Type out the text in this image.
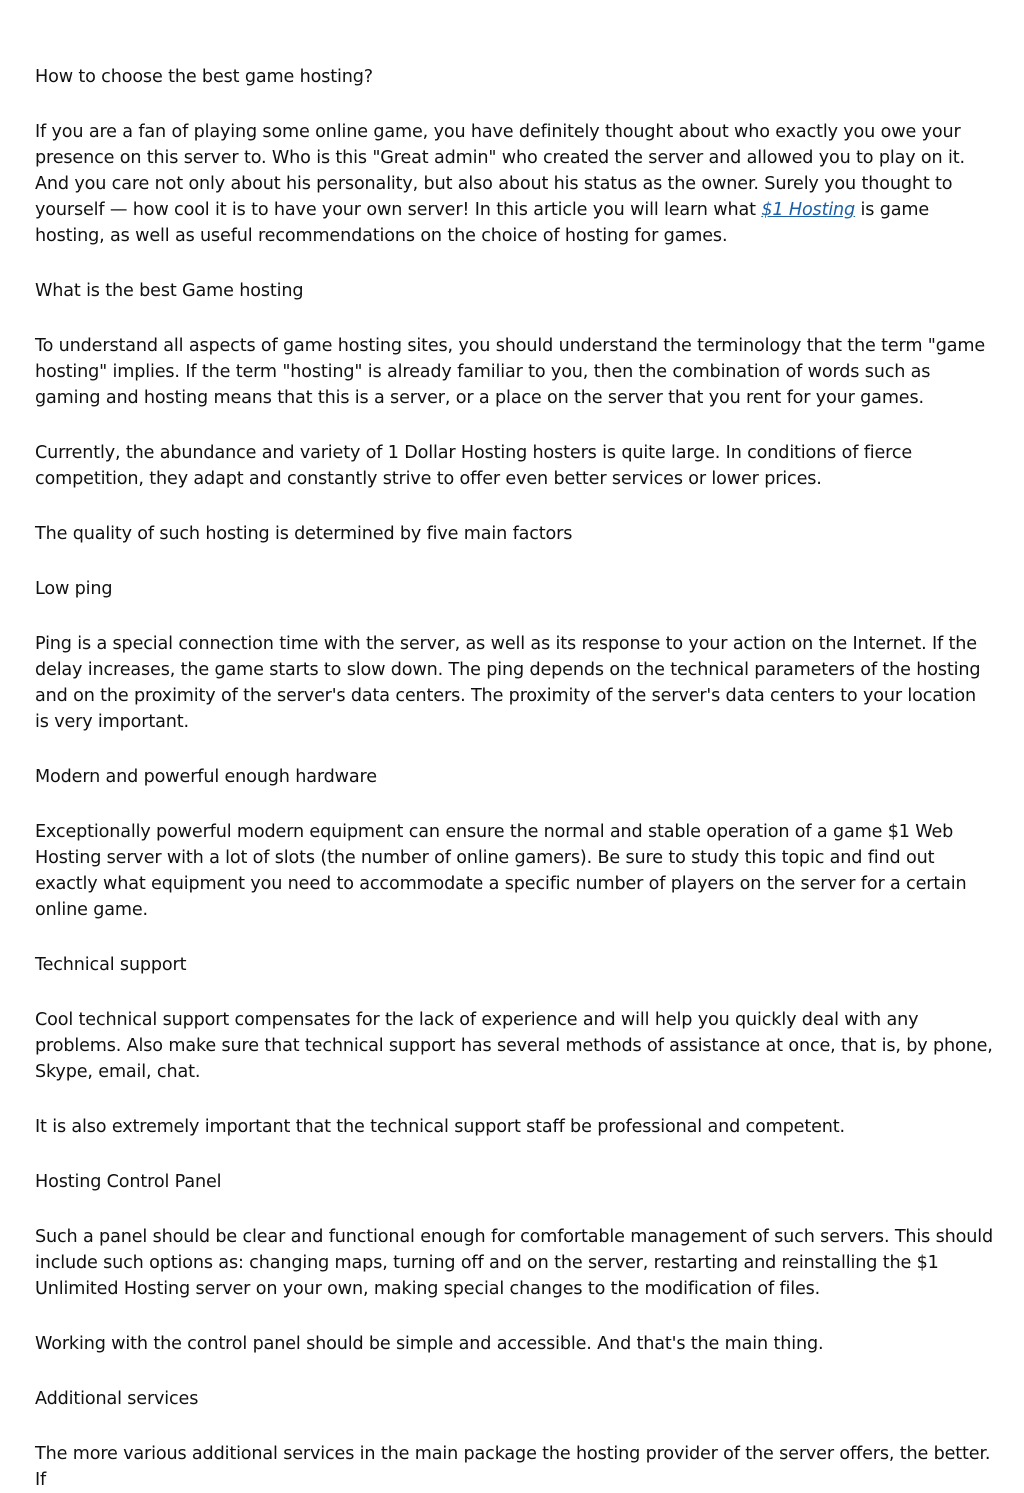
How to choose the best game hosting?

If you are a fan of playing some online game, you have definitely thought about who exactly you owe your presence on this server to. Who is this "Great admin" who created the server and allowed you to play on it. And you care not only about his personality, but also about his status as the owner. Surely you thought to yourself — how cool it is to have your own server! In this article you will learn what $1 Hosting is game hosting, as well as useful recommendations on the choice of hosting for games.

What is the best Game hosting

To understand all aspects of game hosting sites, you should understand the terminology that the term "game hosting" implies. If the term "hosting" is already familiar to you, then the combination of words such as gaming and hosting means that this is a server, or a place on the server that you rent for your games.

Currently, the abundance and variety of 1 Dollar Hosting hosters is quite large. In conditions of fierce competition, they adapt and constantly strive to offer even better services or lower prices.

The quality of such hosting is determined by five main factors

Low ping

Ping is a special connection time with the server, as well as its response to your action on the Internet. If the delay increases, the game starts to slow down. The ping depends on the technical parameters of the hosting and on the proximity of the server's data centers. The proximity of the server's data centers to your location is very important.

Modern and powerful enough hardware

Exceptionally powerful modern equipment can ensure the normal and stable operation of a game $1 Web Hosting server with a lot of slots (the number of online gamers). Be sure to study this topic and find out exactly what equipment you need to accommodate a specific number of players on the server for a certain online game.

Technical support

Cool technical support compensates for the lack of experience and will help you quickly deal with any problems. Also make sure that technical support has several methods of assistance at once, that is, by phone, Skype, email, chat.

It is also extremely important that the technical support staff be professional and competent.

Hosting Control Panel

Such a panel should be clear and functional enough for comfortable management of such servers. This should include such options as: changing maps, turning off and on the server, restarting and reinstalling the $1 Unlimited Hosting server on your own, making special changes to the modification of files.

Working with the control panel should be simple and accessible. And that's the main thing.

Additional services

The more various additional services in the main package the hosting provider of the server offers, the better. If
